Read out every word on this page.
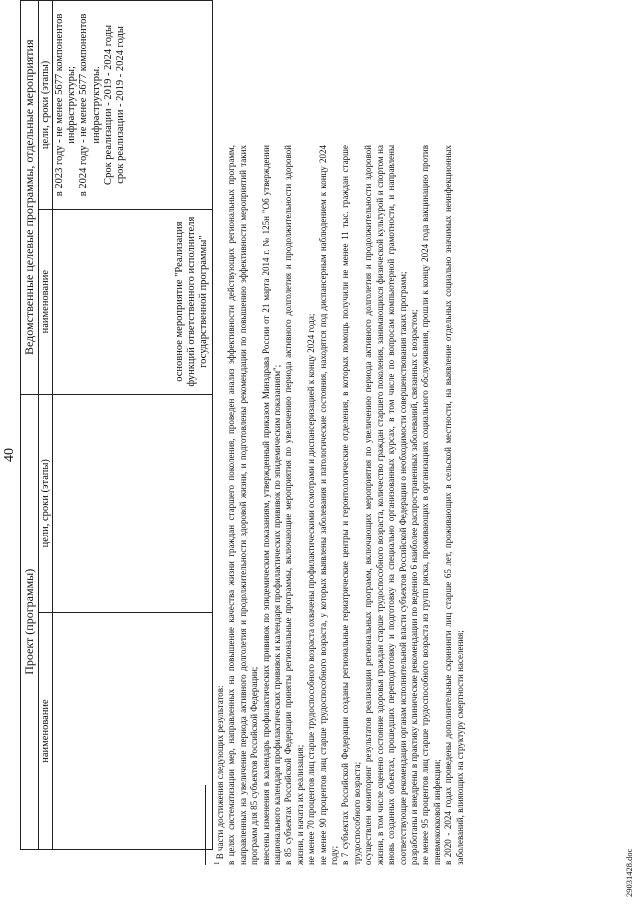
40
Проект (программы)		Ведомственные целевые программы, отдельные мероприятия	
наименование	цели, сроки (этапы)	наименование	цели, сроки (этапы)

		основное мероприятие "Реализация функций ответственного исполнителя государственной программы"	в 2023 году - не менее 5677 компонентов инфраструктуры; в 2024 году - не менее 5677 компонентов инфраструктуры. Срок реализации - 2019 - 2024 годы срок реализации - 2019 - 2024 годы

$^1$ В части достижения следующих результатов: в целях систематизации мер, направленных на повышение качества жизни граждан старшего поколения, проведен анализ эффективности действующих региональных программ, направленных на увеличение периода активного долголетия и продолжительности здоровой жизни, и подготовлены рекомендации по повышению эффективности мероприятий таких программ для 85 субъектов Российской Федерации; внесены изменения в календарь профилактических прививок по эпидемическим показаниям, утвержденный приказом Минздрава России от 21 марта 2014 г. № 125н "Об утверждении национального календаря профилактических прививок и календаря профилактических прививок по эпидемическим показаниям"; в 85 субъектах Российской Федерации приняты региональные программы, включающие мероприятия по увеличению периода активного долголетия и продолжительности здоровой жизни, и начата их реализация; не менее 70 процентов лиц старше трудоспособного возраста охвачены профилактическими осмотрами и диспансеризацией к концу 2024 года; не менее 90 процентов лиц старше трудоспособного возраста, у которых выявлены заболевания и патологические состояния, находятся под диспансерным наблюдением к концу 2024 году; в 7 субъектах Российской Федерации созданы региональные гериатрические центры и геронтологические отделения, в которых помощь получили не менее 11 тыс. граждан старше трудоспособного возраста; осуществлен мониторинг результатов реализации региональных программ, включающих мероприятия по увеличению периода активного долголетия и продолжительности здоровой жизни, в том числе оценено состояние здоровья граждан старше трудоспособного возраста, количество граждан старшего поколения, занимающихся физической культурой и спортом на вновь созданных объектах, прошедших переподготовку и подготовку на специально организованных курсах, в том числе по вопросам компьютерной грамотности, и направлены соответствующие рекомендации органам исполнительной власти субъектов Российской Федерации о необходимости совершенствования таких программ; разработаны и внедрены в практику клинические рекомендации по ведению 6 наиболее распространенных заболеваний, связанных с возрастом; не менее 95 процентов лиц старше трудоспособного возраста из групп риска, проживающих в организациях социального обслуживания, прошли к концу 2024 года вакцинацию против пневмококковой инфекции; в 2020 - 2024 годах проведены дополнительные скрининги лиц старше 65 лет, проживающих в сельской местности, на выявление отдельных социально значимых неинфекционных заболеваний, влияющих на структуру смертности населения;

29031428.doc
